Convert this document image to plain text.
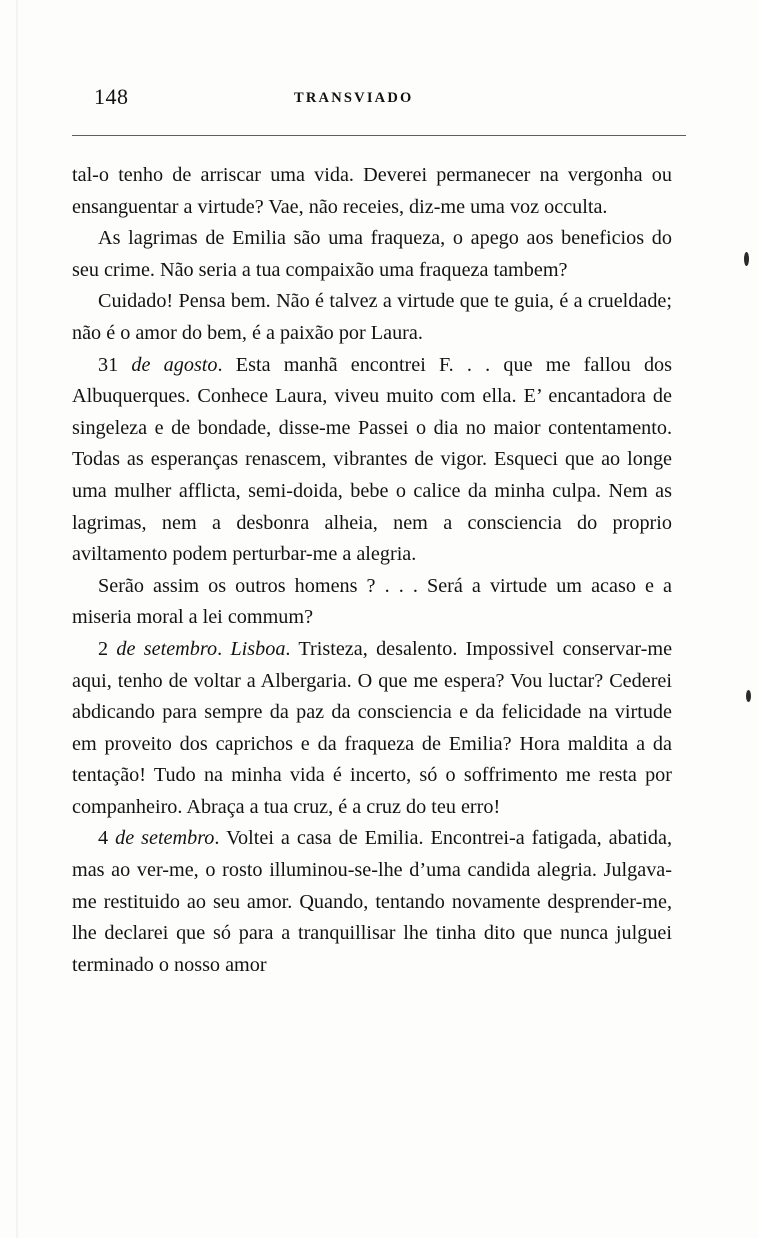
148	TRANSVIADO

tal-o tenho de arriscar uma vida. Deverei permanecer na vergonha ou ensanguentar a virtude? Vae, não receies, diz-me uma voz occulta.

As lagrimas de Emilia são uma fraqueza, o apego aos beneficios do seu crime. Não seria a tua compaixão uma fraqueza tambem?

Cuidado! Pensa bem. Não é talvez a virtude que te guia, é a crueldade; não é o amor do bem, é a paixão por Laura.

31 de agosto. Esta manhã encontrei F. . . que me fallou dos Albuquerques. Conhece Laura, viveu muito com ella. E’ encantadora de singeleza e de bondade, disse-me Passei o dia no maior contentamento. Todas as esperanças renascem, vibrantes de vigor. Esqueci que ao longe uma mulher afflicta, semi-doida, bebe o calice da minha culpa. Nem as lagrimas, nem a desbonra alheia, nem a consciencia do proprio aviltamento podem perturbar-me a alegria.

Serão assim os outros homens ? . . . Será a virtude um acaso e a miseria moral a lei commum?

2 de setembro. Lisboa. Tristeza, desalento. Impossivel conservar-me aqui, tenho de voltar a Albergaria. O que me espera? Vou luctar? Cederei abdicando para sempre da paz da consciencia e da felicidade na virtude em proveito dos caprichos e da fraqueza de Emilia? Hora maldita a da tentação! Tudo na minha vida é incerto, só o soffrimento me resta por companheiro. Abraça a tua cruz, é a cruz do teu erro!

4 de setembro. Voltei a casa de Emilia. Encontrei-a fatigada, abatida, mas ao ver-me, o rosto illuminou-se-lhe d’uma candida alegria. Julgava-me restituido ao seu amor. Quando, tentando novamente desprender-me, lhe declarei que só para a tranquillisar lhe tinha dito que nunca julguei terminado o nosso amor
